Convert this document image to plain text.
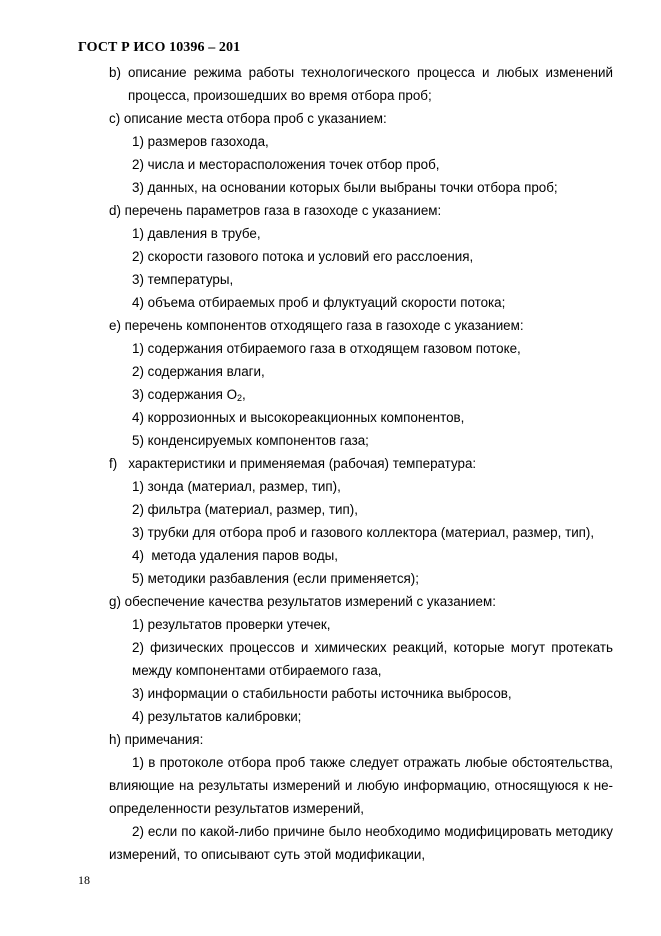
ГОСТ Р ИСО 10396 – 201
b) описание режима работы технологического процесса и любых изменений
процесса, произошедших во время отбора проб;
c) описание места отбора проб с указанием:
1) размеров газохода,
2) числа и месторасположения точек отбор проб,
3) данных, на основании которых были выбраны точки отбора проб;
d) перечень параметров газа в газоходе с указанием:
1) давления в трубе,
2) скорости газового потока и условий его расслоения,
3) температуры,
4) объема отбираемых проб и флуктуаций скорости потока;
e) перечень компонентов отходящего газа в газоходе с указанием:
1) содержания отбираемого газа в отходящем газовом потоке,
2) содержания влаги,
3) содержания $O_2$,
4) коррозионных и высокореакционных компонентов,
5) конденсируемых компонентов газа;
f)   характеристики и применяемая (рабочая) температура:
1) зонда (материал, размер, тип),
2) фильтра (материал, размер, тип),
3) трубки для отбора проб и газового коллектора (материал, размер, тип),
4)  метода удаления паров воды,
5) методики разбавления (если применяется);
g) обеспечение качества результатов измерений с указанием:
1) результатов проверки утечек,
2) физических процессов и химических реакций, которые могут протекать
между компонентами отбираемого газа,
3) информации о стабильности работы источника выбросов,
4) результатов калибровки;
h) примечания:
1) в протоколе отбора проб также следует отражать любые обстоятельства,
влияющие на результаты измерений и любую информацию, относящуюся к не-
определенности результатов измерений,
2) если по какой-либо причине было необходимо модифицировать методику
измерений, то описывают суть этой модификации,
18
